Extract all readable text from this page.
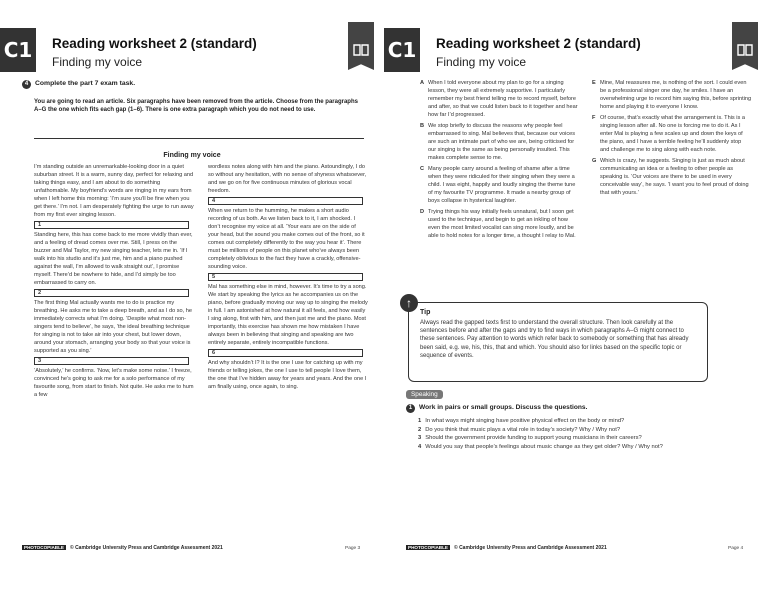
C1 Reading worksheet 2 (standard)
Finding my voice
4 Complete the part 7 exam task.
You are going to read an article. Six paragraphs have been removed from the article. Choose from the paragraphs A–G the one which fits each gap (1–6). There is one extra paragraph which you do not need to use.
Finding my voice

I’m standing outside an unremarkable-looking door in a quiet suburban street. It is a warm, sunny day, perfect for relaxing and taking things easy, and I am about to do something unfathomable. My boyfriend’s words are ringing in my ears from when I left home this morning: ‘I’m sure you’ll be fine when you get there.’ I’m not. I am desperately fighting the urge to run away from my first ever singing lesson.

1

Standing here, this has come back to me more vividly than ever, and a feeling of dread comes over me. Still, I press on the buzzer and Mal Taylor, my new singing teacher, lets me in. ‘If I walk into his studio and it’s just me, him and a piano pushed against the wall, I’m allowed to walk straight out’, I promise myself. There’d be nowhere to hide, and I’d simply be too embarrassed to carry on.

2

The first thing Mal actually wants me to do is practice my breathing. He asks me to take a deep breath, and as I do so, he immediately corrects what I’m doing. ‘Despite what most non-singers tend to believe’, he says, ‘the ideal breathing technique for singing is not to take air into your chest, but lower down, around your stomach, arranging your body so that your voice is supported as you sing.’

3

‘Absolutely,’ he confirms. ‘Now, let’s make some noise.’ I freeze, convinced he’s going to ask me for a solo performance of my favourite song, from start to finish. Not quite. He asks me to hum a few

wordless notes along with him and the piano. Astoundingly, I do so without any hesitation, with no sense of shyness whatsoever, and we go on for five continuous minutes of glorious vocal freedom.

4

When we return to the humming, he makes a short audio recording of us both. As we listen back to it, I am shocked. I don’t recognise my voice at all. ‘Your ears are on the side of your head, but the sound you make comes out of the front, so it comes out completely differently to the way you hear it’. There must be millions of people on this planet who’ve always been completely oblivious to the fact they have a crackly, offensive-sounding voice.

5

Mal has something else in mind, however. It’s time to try a song. We start by speaking the lyrics as he accompanies us on the piano, before gradually moving our way up to singing the melody in full. I am astonished at how natural it all feels, and how easily I sing along, first with him, and then just me and the piano. Most importantly, this exercise has shown me how mistaken I have always been in believing that singing and speaking are two entirely separate, entirely incompatible functions.

6

And why shouldn’t I? It is the one I use for catching up with my friends or telling jokes, the one I use to tell people I love them, the one that I’ve hidden away for years and years. And the one I am finally using, once again, to sing.

PHOTOCOPIABLE © Cambridge University Press and Cambridge Assessment 2021	Page 3
C1 Reading worksheet 2 (standard)
Finding my voice
A When I told everyone about my plan to go for a singing lesson, they were all extremely supportive. I particularly remember my best friend telling me to record myself, before and after, so that we could listen back to it together and hear how far I’d progressed.
B We stop briefly to discuss the reasons why people feel embarrassed to sing. Mal believes that, because our voices are such an intimate part of who we are, being criticised for our singing is the same as being personally insulted. This makes complete sense to me.
C Many people carry around a feeling of shame after a time when they were ridiculed for their singing when they were a child. I was eight, happily and loudly singing the theme tune of my favourite TV programme. It made a nearby group of boys collapse in hysterical laughter.
D Trying things his way initially feels unnatural, but I soon get used to the technique, and begin to get an inkling of how even the most limited vocalist can sing more loudly, and be able to hold notes for a longer time, a thought I relay to Mal.
E Mine, Mal reassures me, is nothing of the sort. I could even be a professional singer one day, he smiles. I have an overwhelming urge to record him saying this, before sprinting home and playing it to everyone I know.
F Of course, that’s exactly what the arrangement is. This is a singing lesson after all. No one is forcing me to do it. As I enter Mal is playing a few scales up and down the keys of the piano, and I have a terrible feeling he’ll suddenly stop and challenge me to sing along with each note.
G Which is crazy, he suggests. Singing is just as much about communicating an idea or a feeling to other people as speaking is. ‘Our voices are there to be used in every conceivable way’, he says. ‘I want you to feel proud of doing that with yours.’
Tip
Always read the gapped texts first to understand the overall structure. Then look carefully at the sentences before and after the gaps and try to find ways in which paragraphs A–G might connect to these sentences. Pay attention to words which refer back to somebody or something that has already been said, e.g. we, his, this, that and which. You should also for links based on the specific topic or sequence of events.
↑
Speaking
1 Work in pairs or small groups. Discuss the questions.
1 In what ways might singing have positive physical effect on the body or mind?
2 Do you think that music plays a vital role in today’s society? Why / Why not?
3 Should the government provide funding to support young musicians in their careers?
4 Would you say that people’s feelings about music change as they get older? Why / Why not?
PHOTOCOPIABLE © Cambridge University Press and Cambridge Assessment 2021	Page 4
